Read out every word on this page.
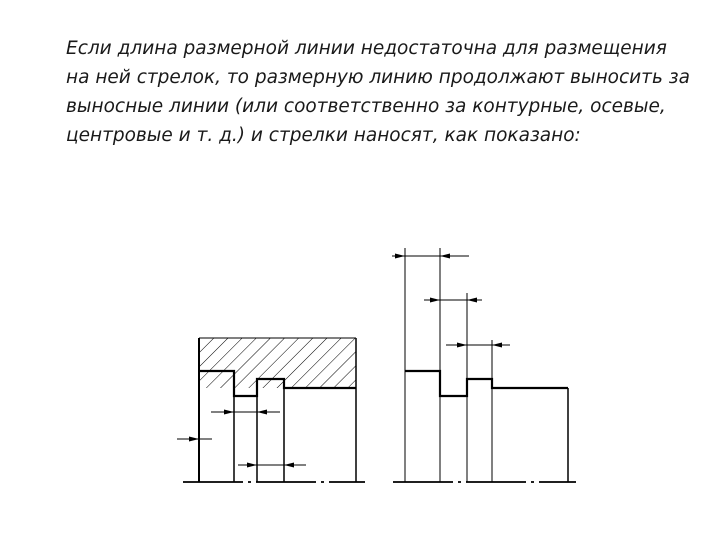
Если длина размерной линии недостаточна для размещения на ней стрелок, то размерную линию продолжают выносить за выносные линии (или соответственно за контурные, осевые, центровые и т. д.) и стрелки наносят, как показано:
